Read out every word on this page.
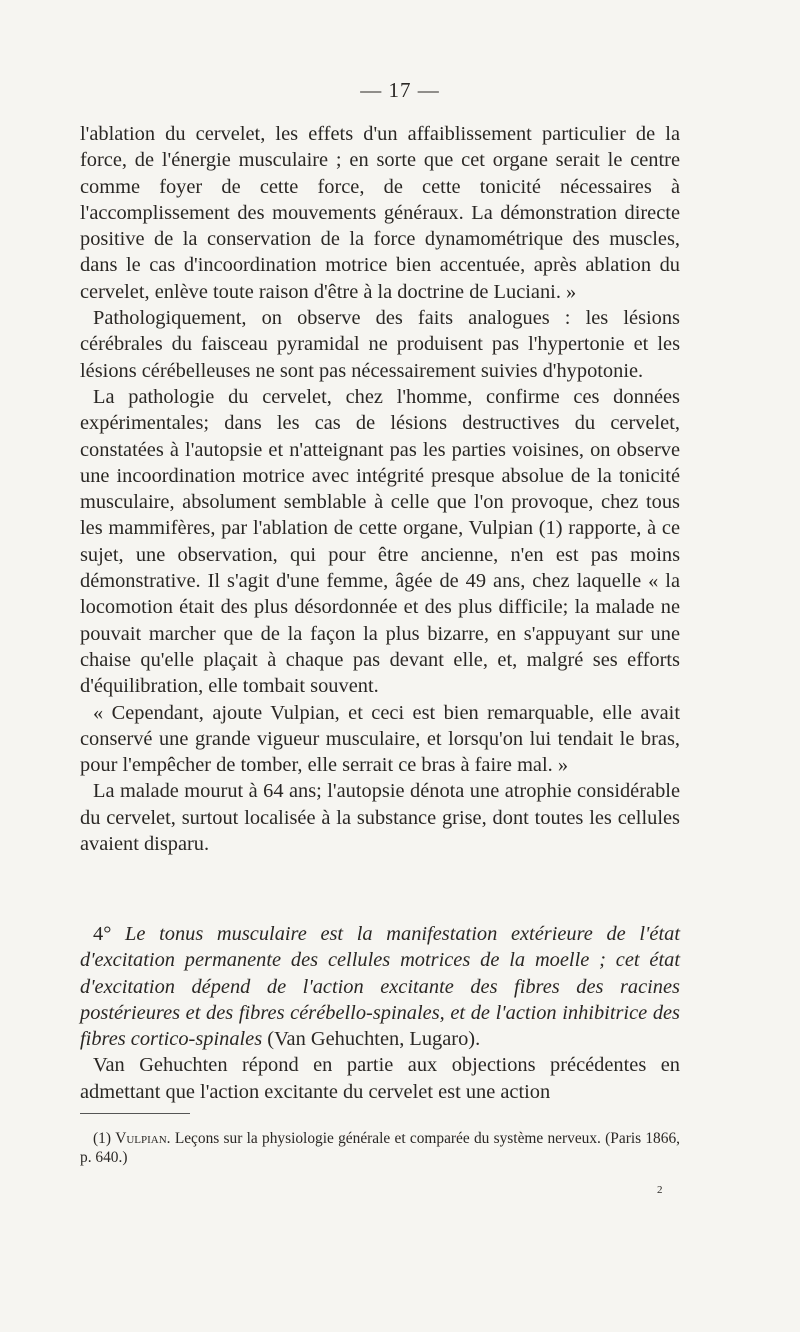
— 17 —

l'ablation du cervelet, les effets d'un affaiblissement particulier de la force, de l'énergie musculaire ; en sorte que cet organe serait le centre comme foyer de cette force, de cette tonicité nécessaires à l'accomplissement des mouvements généraux. La démonstration directe positive de la conservation de la force dynamométrique des muscles, dans le cas d'incoordination motrice bien accentuée, après ablation du cervelet, enlève toute raison d'être à la doctrine de Luciani. »

Pathologiquement, on observe des faits analogues : les lésions cérébrales du faisceau pyramidal ne produisent pas l'hypertonie et les lésions cérébelleuses ne sont pas nécessairement suivies d'hypotonie.

La pathologie du cervelet, chez l'homme, confirme ces données expérimentales; dans les cas de lésions destructives du cervelet, constatées à l'autopsie et n'atteignant pas les parties voisines, on observe une incoordination motrice avec intégrité presque absolue de la tonicité musculaire, absolument semblable à celle que l'on provoque, chez tous les mammifères, par l'ablation de cette organe, Vulpian (1) rapporte, à ce sujet, une observation, qui pour être ancienne, n'en est pas moins démonstrative. Il s'agit d'une femme, âgée de 49 ans, chez laquelle « la locomotion était des plus désordonnée et des plus difficile; la malade ne pouvait marcher que de la façon la plus bizarre, en s'appuyant sur une chaise qu'elle plaçait à chaque pas devant elle, et, malgré ses efforts d'équilibration, elle tombait souvent.

« Cependant, ajoute Vulpian, et ceci est bien remarquable, elle avait conservé une grande vigueur musculaire, et lorsqu'on lui tendait le bras, pour l'empêcher de tomber, elle serrait ce bras à faire mal. »

La malade mourut à 64 ans; l'autopsie dénota une atrophie considérable du cervelet, surtout localisée à la substance grise, dont toutes les cellules avaient disparu.

4° Le tonus musculaire est la manifestation extérieure de l'état d'excitation permanente des cellules motrices de la moelle ; cet état d'excitation dépend de l'action excitante des fibres des racines postérieures et des fibres cérébello-spinales, et de l'action inhibitrice des fibres cortico-spinales (Van Gehuchten, Lugaro).

Van Gehuchten répond en partie aux objections précédentes en admettant que l'action excitante du cervelet est une action

(1) Vulpian. Leçons sur la physiologie générale et comparée du système nerveux. (Paris 1866, p. 640.)

2
